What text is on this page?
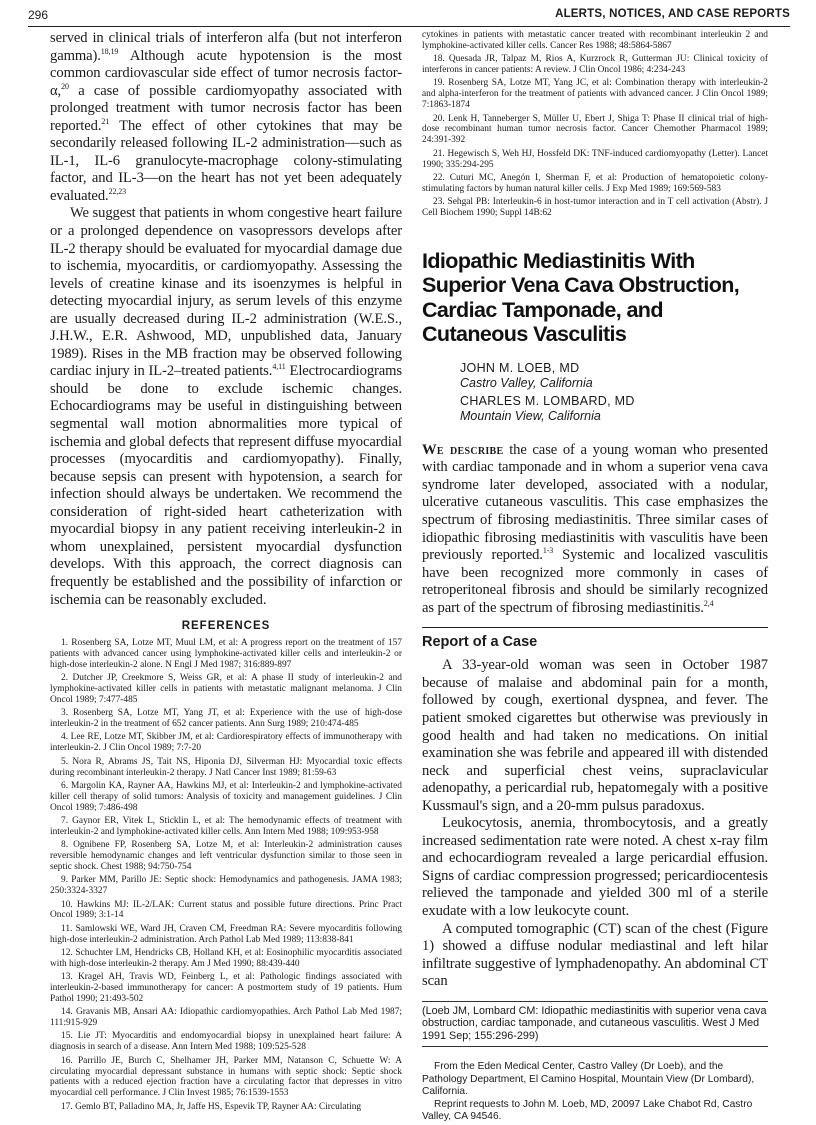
296	ALERTS, NOTICES, AND CASE REPORTS

served in clinical trials of interferon alfa (but not interferon gamma).$^{18,19}$ Although acute hypotension is the most common cardiovascular side effect of tumor necrosis factor-α,$^{20}$ a case of possible cardiomyopathy associated with prolonged treatment with tumor necrosis factor has been reported.$^{21}$ The effect of other cytokines that may be secondarily released following IL-2 administration—such as IL-1, IL-6 granulocyte-macrophage colony-stimulating factor, and IL-3—on the heart has not yet been adequately evaluated.$^{22,23}$

We suggest that patients in whom congestive heart failure or a prolonged dependence on vasopressors develops after IL-2 therapy should be evaluated for myocardial damage due to ischemia, myocarditis, or cardiomyopathy. Assessing the levels of creatine kinase and its isoenzymes is helpful in detecting myocardial injury, as serum levels of this enzyme are usually decreased during IL-2 administration (W.E.S., J.H.W., E.R. Ashwood, MD, unpublished data, January 1989). Rises in the MB fraction may be observed following cardiac injury in IL-2–treated patients.$^{4,11}$ Electrocardiograms should be done to exclude ischemic changes. Echocardiograms may be useful in distinguishing between segmental wall motion abnormalities more typical of ischemia and global defects that represent diffuse myocardial processes (myocarditis and cardiomyopathy). Finally, because sepsis can present with hypotension, a search for infection should always be undertaken. We recommend the consideration of right-sided heart catheterization with myocardial biopsy in any patient receiving interleukin-2 in whom unexplained, persistent myocardial dysfunction develops. With this approach, the correct diagnosis can frequently be established and the possibility of infarction or ischemia can be reasonably excluded.

REFERENCES

1. Rosenberg SA, Lotze MT, Muul LM, et al: A progress report on the treatment of 157 patients with advanced cancer using lymphokine-activated killer cells and interleukin-2 or high-dose interleukin-2 alone. N Engl J Med 1987; 316:889-897

2. Dutcher JP, Creekmore S, Weiss GR, et al: A phase II study of interleukin-2 and lymphokine-activated killer cells in patients with metastatic malignant melanoma. J Clin Oncol 1989; 7:477-485

3. Rosenberg SA, Lotze MT, Yang JT, et al: Experience with the use of high-dose interleukin-2 in the treatment of 652 cancer patients. Ann Surg 1989; 210:474-485

4. Lee RE, Lotze MT, Skibber JM, et al: Cardiorespiratory effects of immunotherapy with interleukin-2. J Clin Oncol 1989; 7:7-20

5. Nora R, Abrams JS, Tait NS, Hiponia DJ, Silverman HJ: Myocardial toxic effects during recombinant interleukin-2 therapy. J Natl Cancer Inst 1989; 81:59-63

6. Margolin KA, Rayner AA, Hawkins MJ, et al: Interleukin-2 and lymphokine-activated killer cell therapy of solid tumors: Analysis of toxicity and management guidelines. J Clin Oncol 1989; 7:486-498

7. Gaynor ER, Vitek L, Sticklin L, et al: The hemodynamic effects of treatment with interleukin-2 and lymphokine-activated killer cells. Ann Intern Med 1988; 109:953-958

8. Ognibene FP, Rosenberg SA, Lotze M, et al: Interleukin-2 administration causes reversible hemodynamic changes and left ventricular dysfunction similar to those seen in septic shock. Chest 1988; 94:750-754

9. Parker MM, Parillo JE: Septic shock: Hemodynamics and pathogenesis. JAMA 1983; 250:3324-3327

10. Hawkins MJ: IL-2/LAK: Current status and possible future directions. Princ Pract Oncol 1989; 3:1-14

11. Samlowski WE, Ward JH, Craven CM, Freedman RA: Severe myocarditis following high-dose interleukin-2 administration. Arch Pathol Lab Med 1989; 113:838-841

12. Schuchter LM, Hendricks CB, Holland KH, et al: Eosinophilic myocarditis associated with high-dose interleukin-2 therapy. Am J Med 1990; 88:439-440

13. Kragel AH, Travis WD, Feinberg L, et al: Pathologic findings associated with interleukin-2-based immunotherapy for cancer: A postmortem study of 19 patients. Hum Pathol 1990; 21:493-502

14. Gravanis MB, Ansari AA: Idiopathic cardiomyopathies. Arch Pathol Lab Med 1987; 111:915-929

15. Lie JT: Myocarditis and endomyocardial biopsy in unexplained heart failure: A diagnosis in search of a disease. Ann Intern Med 1988; 109:525-528

16. Parrillo JE, Burch C, Shelhamer JH, Parker MM, Natanson C, Schuette W: A circulating myocardial depressant substance in humans with septic shock: Septic shock patients with a reduced ejection fraction have a circulating factor that depresses in vitro myocardial cell performance. J Clin Invest 1985; 76:1539-1553

17. Gemlo BT, Palladino MA, Jr, Jaffe HS, Espevik TP, Rayner AA: Circulating

cytokines in patients with metastatic cancer treated with recombinant interleukin 2 and lymphokine-activated killer cells. Cancer Res 1988; 48:5864-5867

18. Quesada JR, Talpaz M, Rios A, Kurzrock R, Gutterman JU: Clinical toxicity of interferons in cancer patients: A review. J Clin Oncol 1986; 4:234-243

19. Rosenberg SA, Lotze MT, Yang JC, et al: Combination therapy with interleukin-2 and alpha-interferon for the treatment of patients with advanced cancer. J Clin Oncol 1989; 7:1863-1874

20. Lenk H, Tanneberger S, Müller U, Ebert J, Shiga T: Phase II clinical trial of high-dose recombinant human tumor necrosis factor. Cancer Chemother Pharmacol 1989; 24:391-392

21. Hegewisch S, Weh HJ, Hossfeld DK: TNF-induced cardiomyopathy (Letter). Lancet 1990; 335:294-295

22. Cuturi MC, Anegón I, Sherman F, et al: Production of hematopoietic colony-stimulating factors by human natural killer cells. J Exp Med 1989; 169:569-583

23. Sehgal PB: Interleukin-6 in host-tumor interaction and in T cell activation (Abstr). J Cell Biochem 1990; Suppl 14B:62

Idiopathic Mediastinitis With Superior Vena Cava Obstruction, Cardiac Tamponade, and Cutaneous Vasculitis
JOHN M. LOEB, MD
Castro Valley, California
CHARLES M. LOMBARD, MD
Mountain View, California

We describe the case of a young woman who presented with cardiac tamponade and in whom a superior vena cava syndrome later developed, associated with a nodular, ulcerative cutaneous vasculitis. This case emphasizes the spectrum of fibrosing mediastinitis. Three similar cases of idiopathic fibrosing mediastinitis with vasculitis have been previously reported.$^{1-3}$ Systemic and localized vasculitis have been recognized more commonly in cases of retroperitoneal fibrosis and should be similarly recognized as part of the spectrum of fibrosing mediastinitis.$^{2,4}$

Report of a Case

A 33-year-old woman was seen in October 1987 because of malaise and abdominal pain for a month, followed by cough, exertional dyspnea, and fever. The patient smoked cigarettes but otherwise was previously in good health and had taken no medications. On initial examination she was febrile and appeared ill with distended neck and superficial chest veins, supraclavicular adenopathy, a pericardial rub, hepatomegaly with a positive Kussmaul's sign, and a 20-mm pulsus paradoxus.

Leukocytosis, anemia, thrombocytosis, and a greatly increased sedimentation rate were noted. A chest x-ray film and echocardiogram revealed a large pericardial effusion. Signs of cardiac compression progressed; pericardiocentesis relieved the tamponade and yielded 300 ml of a sterile exudate with a low leukocyte count.

A computed tomographic (CT) scan of the chest (Figure 1) showed a diffuse nodular mediastinal and left hilar infiltrate suggestive of lymphadenopathy. An abdominal CT scan

(Loeb JM, Lombard CM: Idiopathic mediastinitis with superior vena cava obstruction, cardiac tamponade, and cutaneous vasculitis. West J Med 1991 Sep; 155:296-299)

From the Eden Medical Center, Castro Valley (Dr Loeb), and the Pathology Department, El Camino Hospital, Mountain View (Dr Lombard), California.

Reprint requests to John M. Loeb, MD, 20097 Lake Chabot Rd, Castro Valley, CA 94546.
